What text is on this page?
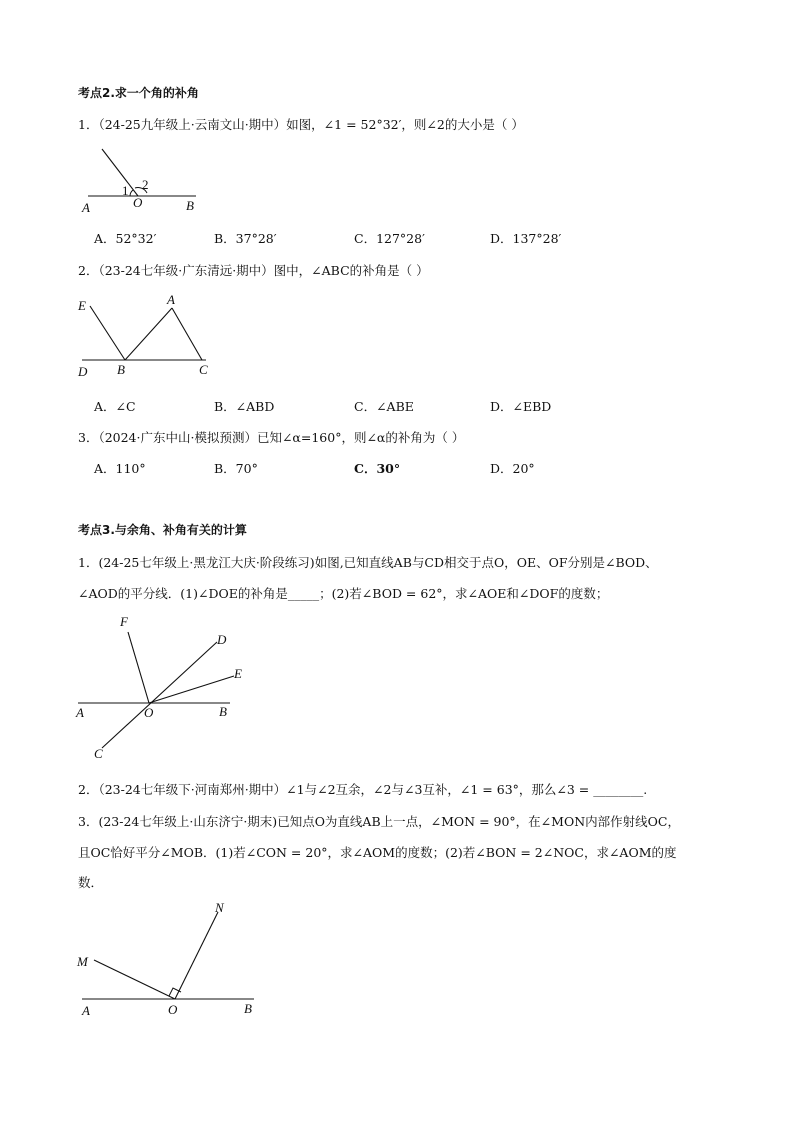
考点2.求一个角的补角
1．（24-25九年级上·云南文山·期中）如图，∠1 = 52°32′，则∠2的大小是（ ）
1 2
A	O	B
A．52°32′	B．37°28′	C．127°28′	D．137°28′
2．（23-24七年级·广东清远·期中）图中，∠ABC的补角是（ ）
E	A
D B	C
A．∠C	B．∠ABD	C．∠ABE	D．∠EBD
3．（2024·广东中山·模拟预测）已知∠α=160°，则∠α的补角为（ ）
A．110°	B．70°	C．30°	D．20°
考点3.与余角、补角有关的计算
1．(24-25七年级上·黑龙江大庆·阶段练习)如图,已知直线AB与CD相交于点O，OE、OF分别是∠BOD、
∠AOD的平分线．(1)∠DOE的补角是_____；(2)若∠BOD = 62°，求∠AOE和∠DOF的度数；
F
D
E
A	O	B
C
2．（23-24七年级下·河南郑州·期中）∠1与∠2互余，∠2与∠3互补，∠1 = 63°，那么∠3 = ________.
3．(23-24七年级上·山东济宁·期末)已知点O为直线AB上一点，∠MON = 90°，在∠MON内部作射线OC，
且OC恰好平分∠MOB．(1)若∠CON = 20°，求∠AOM的度数；(2)若∠BON = 2∠NOC，求∠AOM的度
数．
N
M
A	O	B
